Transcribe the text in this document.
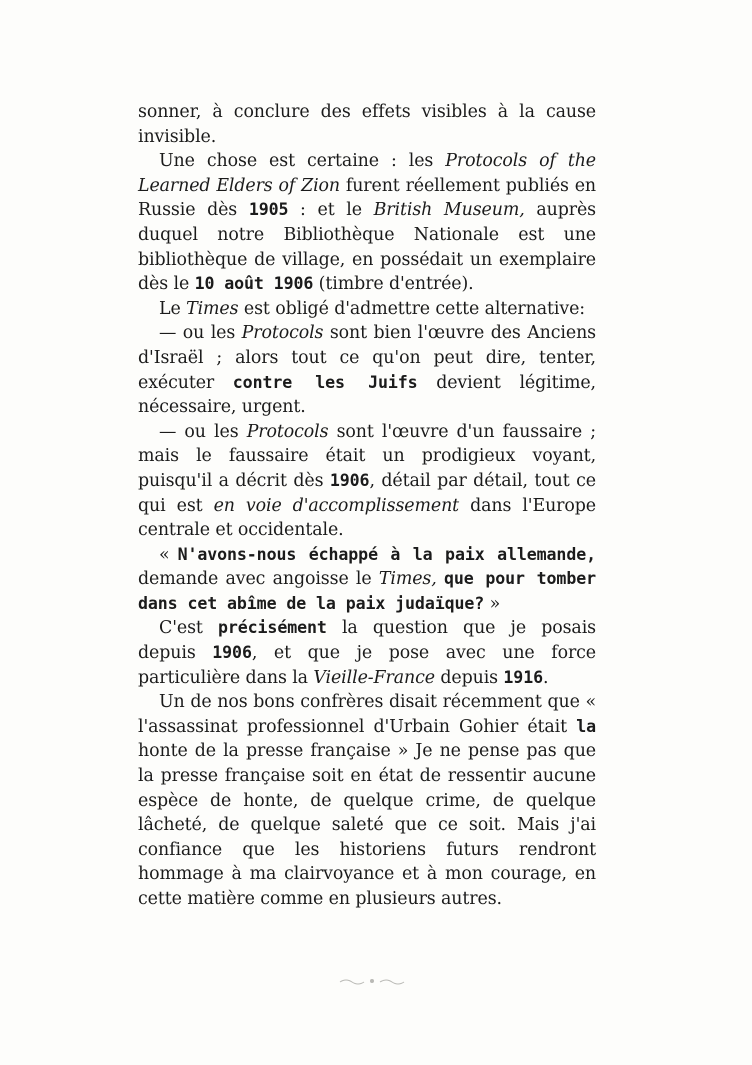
sonner, à conclure des effets visibles à la cause invisible.

Une chose est certaine : les Protocols of the Learned Elders of Zion furent réellement publiés en Russie dès 1905 : et le British Museum, auprès duquel notre Bibliothèque Nationale est une bibliothèque de village, en possédait un exemplaire dès le 10 août 1906 (timbre d'entrée).

Le Times est obligé d'admettre cette alternative:

— ou les Protocols sont bien l'œuvre des Anciens d'Israël ; alors tout ce qu'on peut dire, tenter, exécuter contre les Juifs devient légitime, nécessaire, urgent.

— ou les Protocols sont l'œuvre d'un faussaire ; mais le faussaire était un prodigieux voyant, puisqu'il a décrit dès 1906, détail par détail, tout ce qui est en voie d'accomplissement dans l'Europe centrale et occidentale.

« N'avons-nous échappé à la paix allemande, demande avec angoisse le Times, que pour tomber dans cet abîme de la paix judaïque? »

C'est précisément la question que je posais depuis 1906, et que je pose avec une force particulière dans la Vieille-France depuis 1916.

Un de nos bons confrères disait récemment que « l'assassinat professionnel d'Urbain Gohier était la honte de la presse française » Je ne pense pas que la presse française soit en état de ressentir aucune espèce de honte, de quelque crime, de quelque lâcheté, de quelque saleté que ce soit. Mais j'ai confiance que les historiens futurs rendront hommage à ma clairvoyance et à mon courage, en cette matière comme en plusieurs autres.
